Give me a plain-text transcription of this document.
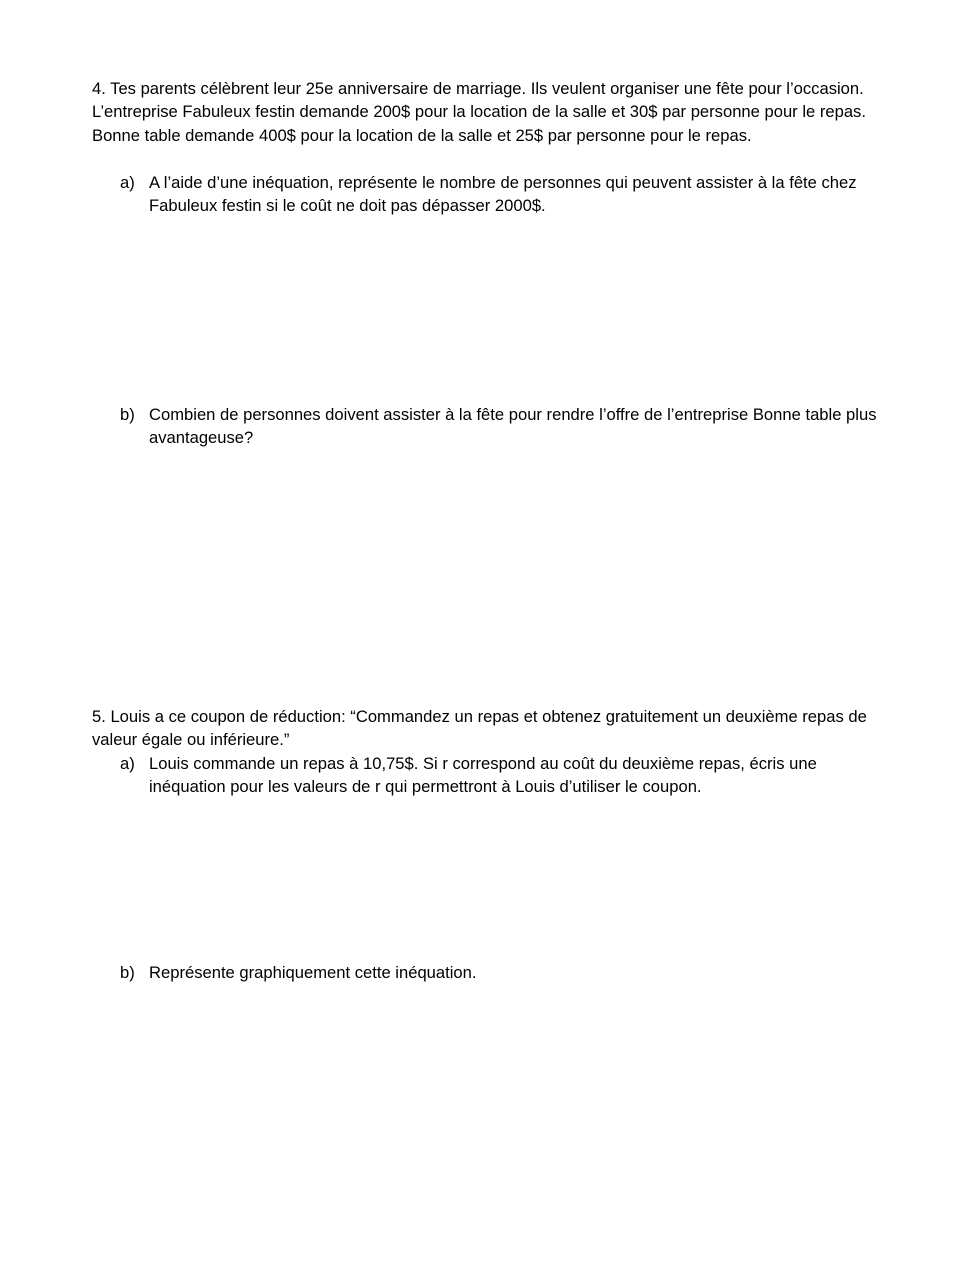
4. Tes parents célèbrent leur 25e anniversaire de marriage. Ils veulent organiser une fête pour l’occasion. L’entreprise Fabuleux festin demande 200$ pour la location de la salle et 30$ par personne pour le repas. Bonne table demande 400$ pour la location de la salle et 25$ par personne pour le repas.

a) A l’aide d’une inéquation, représente le nombre de personnes qui peuvent assister à la fête chez Fabuleux festin si le coût ne doit pas dépasser 2000$.
b) Combien de personnes doivent assister à la fête pour rendre l’offre de l’entreprise Bonne table plus avantageuse?

5. Louis a ce coupon de réduction: “Commandez un repas et obtenez gratuitement un deuxième repas de valeur égale ou inférieure.”

a) Louis commande un repas à 10,75$. Si r correspond au coût du deuxième repas, écris une inéquation pour les valeurs de r qui permettront à Louis d’utiliser le coupon.
b) Représente graphiquement cette inéquation.
